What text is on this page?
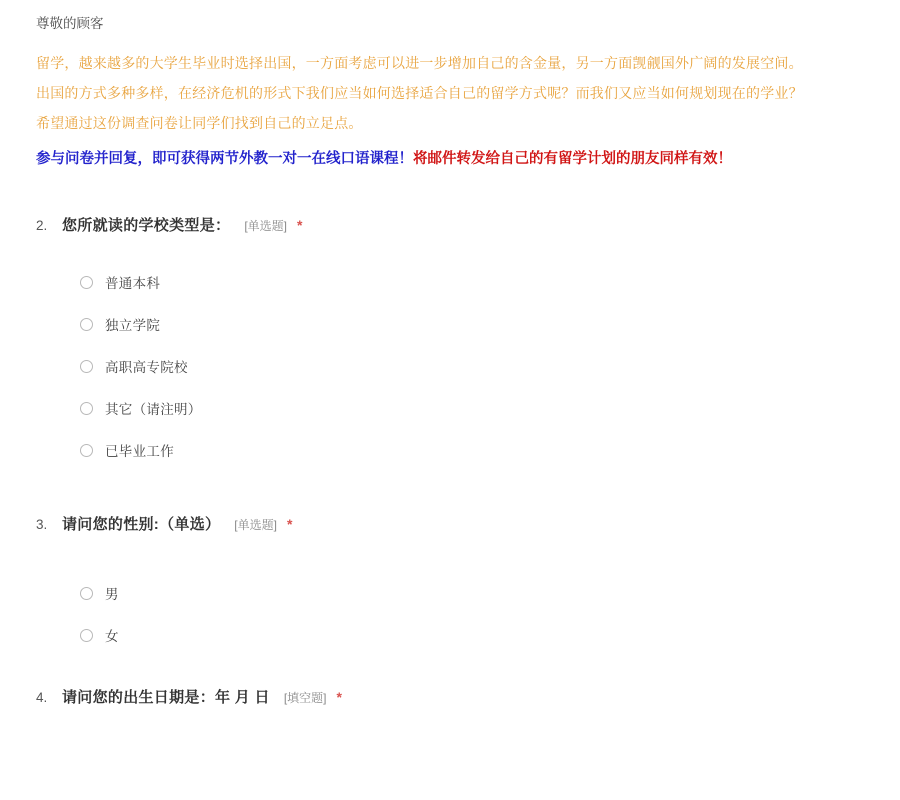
尊敬的顾客

留学，越来越多的大学生毕业时选择出国，一方面考虑可以进一步增加自己的含金量，另一方面觊觎国外广阔的发展空间。

出国的方式多种多样，在经济危机的形式下我们应当如何选择适合自己的留学方式呢？而我们又应当如何规划现在的学业？

希望通过这份调查问卷让同学们找到自己的立足点。

参与问卷并回复，即可获得两节外教一对一在线口语课程！将邮件转发给自己的有留学计划的朋友同样有效！
2. 您所就读的学校类型是： [单选题] *
普通本科
独立学院
高职高专院校
其它（请注明）
已毕业工作
3. 请问您的性别:（单选） [单选题] *
男
女
4. 请问您的出生日期是：年 月 日 [填空题] *
